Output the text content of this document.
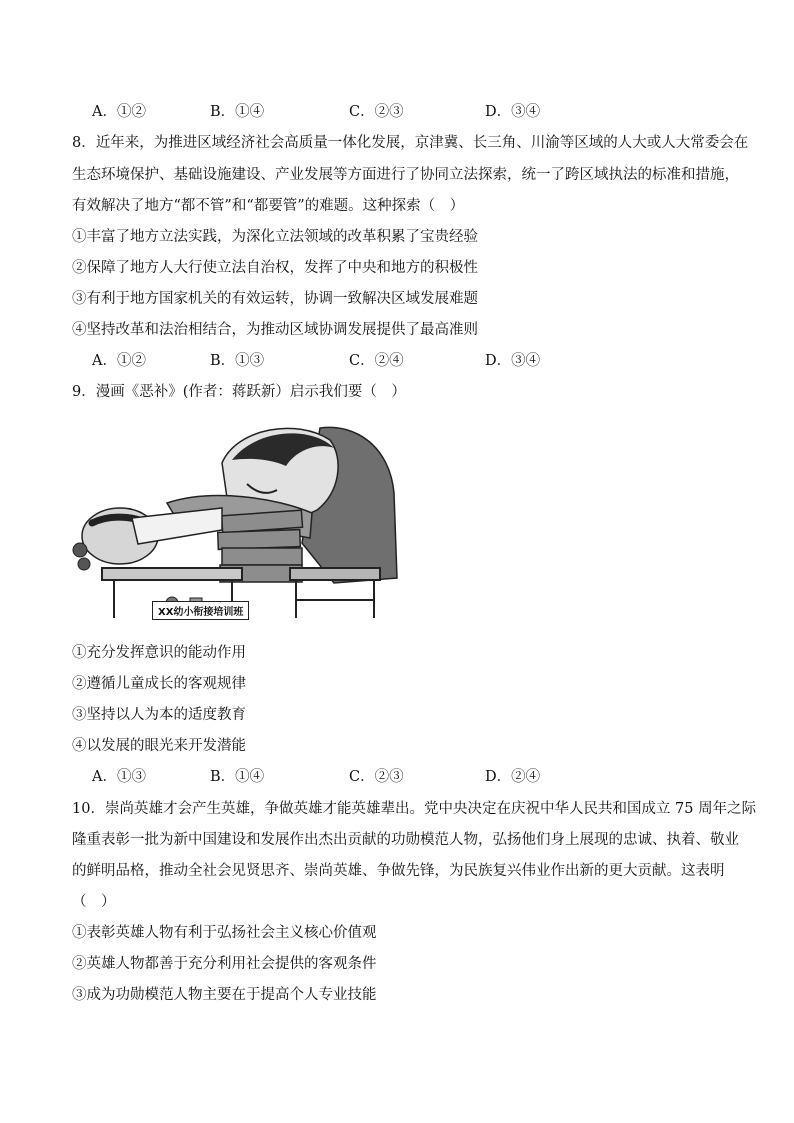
A．①②	B．①④	C．②③	D．③④
8．近年来，为推进区域经济社会高质量一体化发展，京津冀、长三角、川渝等区域的人大或人大常委会在
生态环境保护、基础设施建设、产业发展等方面进行了协同立法探索，统一了跨区域执法的标准和措施，
有效解决了地方“都不管”和“都要管”的难题。这种探索（　）
①丰富了地方立法实践，为深化立法领域的改革积累了宝贵经验
②保障了地方人大行使立法自治权，发挥了中央和地方的积极性
③有利于地方国家机关的有效运转，协调一致解决区域发展难题
④坚持改革和法治相结合，为推动区域协调发展提供了最高准则
A．①②	B．①③	C．②④	D．③④
9．漫画《恶补》(作者：蒋跃新）启示我们要（　）
XX幼小衔接培训班
①充分发挥意识的能动作用
②遵循儿童成长的客观规律
③坚持以人为本的适度教育
④以发展的眼光来开发潜能
A．①③	B．①④	C．②③	D．②④
10．崇尚英雄才会产生英雄，争做英雄才能英雄辈出。党中央决定在庆祝中华人民共和国成立 75 周年之际
隆重表彰一批为新中国建设和发展作出杰出贡献的功勋模范人物，弘扬他们身上展现的忠诚、执着、敬业
的鲜明品格，推动全社会见贤思齐、崇尚英雄、争做先锋，为民族复兴伟业作出新的更大贡献。这表明
（　）
①表彰英雄人物有利于弘扬社会主义核心价值观
②英雄人物都善于充分利用社会提供的客观条件
③成为功勋模范人物主要在于提高个人专业技能
